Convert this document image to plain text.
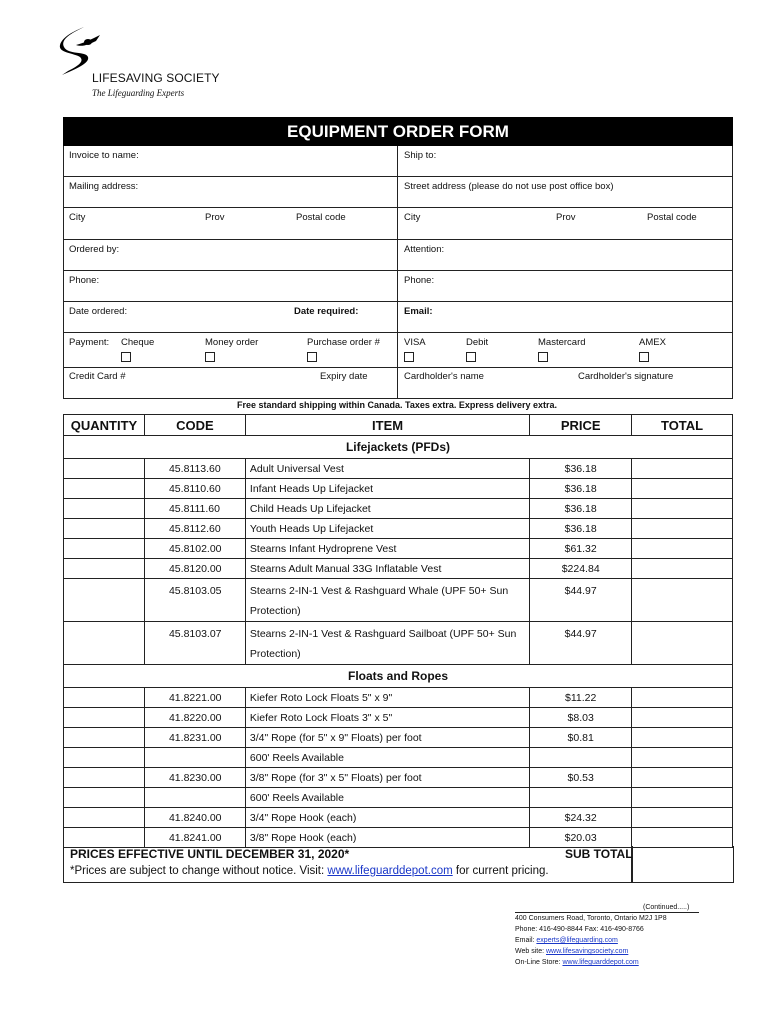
LIFESAVING SOCIETY
The Lifeguarding Experts
EQUIPMENT ORDER FORM
Invoice to name:	Ship to:
Mailing address:	Street address (please do not use post office box)
City	Prov	Postal code	City	Prov	Postal code
Ordered by:	Attention:
Phone:	Phone:
Date ordered:	Date required:	Email:
Payment: Cheque	Money order	Purchase order #	VISA	Debit	Mastercard	AMEX
Credit Card #	Expiry date	Cardholder's name	Cardholder's signature
Free standard shipping within Canada. Taxes extra. Express delivery extra.
QUANTITY	CODE	ITEM	PRICE	TOTAL
Lifejackets (PFDs)				
	45.8113.60	Adult Universal Vest	$36.18	
	45.8110.60	Infant Heads Up Lifejacket	$36.18	
	45.8111.60	Child Heads Up Lifejacket	$36.18	
	45.8112.60	Youth Heads Up Lifejacket	$36.18	
	45.8102.00	Stearns Infant Hydroprene Vest	$61.32	
	45.8120.00	Stearns Adult Manual 33G Inflatable Vest	$224.84	
	45.8103.05	Stearns 2-IN-1 Vest & Rashguard Whale (UPF 50+ Sun Protection)	$44.97	
	45.8103.07	Stearns 2-IN-1 Vest & Rashguard Sailboat (UPF 50+ Sun Protection)	$44.97	
Floats and Ropes				
	41.8221.00	Kiefer Roto Lock Floats 5" x 9"	$11.22	
	41.8220.00	Kiefer Roto Lock Floats 3" x 5"	$8.03	
	41.8231.00	3/4" Rope (for 5" x 9" Floats) per foot	$0.81	
		600' Reels Available		
	41.8230.00	3/8" Rope (for 3" x 5" Floats) per foot	$0.53	
		600' Reels Available		
	41.8240.00	3/4" Rope Hook (each)	$24.32	
	41.8241.00	3/8" Rope Hook (each)	$20.03	
PRICES EFFECTIVE UNTIL DECEMBER 31, 2020*	SUB TOTAL
*Prices are subject to change without notice. Visit: www.lifeguarddepot.com for current pricing.
(Continued.....)
400 Consumers Road, Toronto, Ontario M2J 1P8
Phone: 416-490-8844 Fax: 416-490-8766
Email: experts@lifeguarding.com
Web site: www.lifesavingsociety.com
On-Line Store: www.lifeguarddepot.com
